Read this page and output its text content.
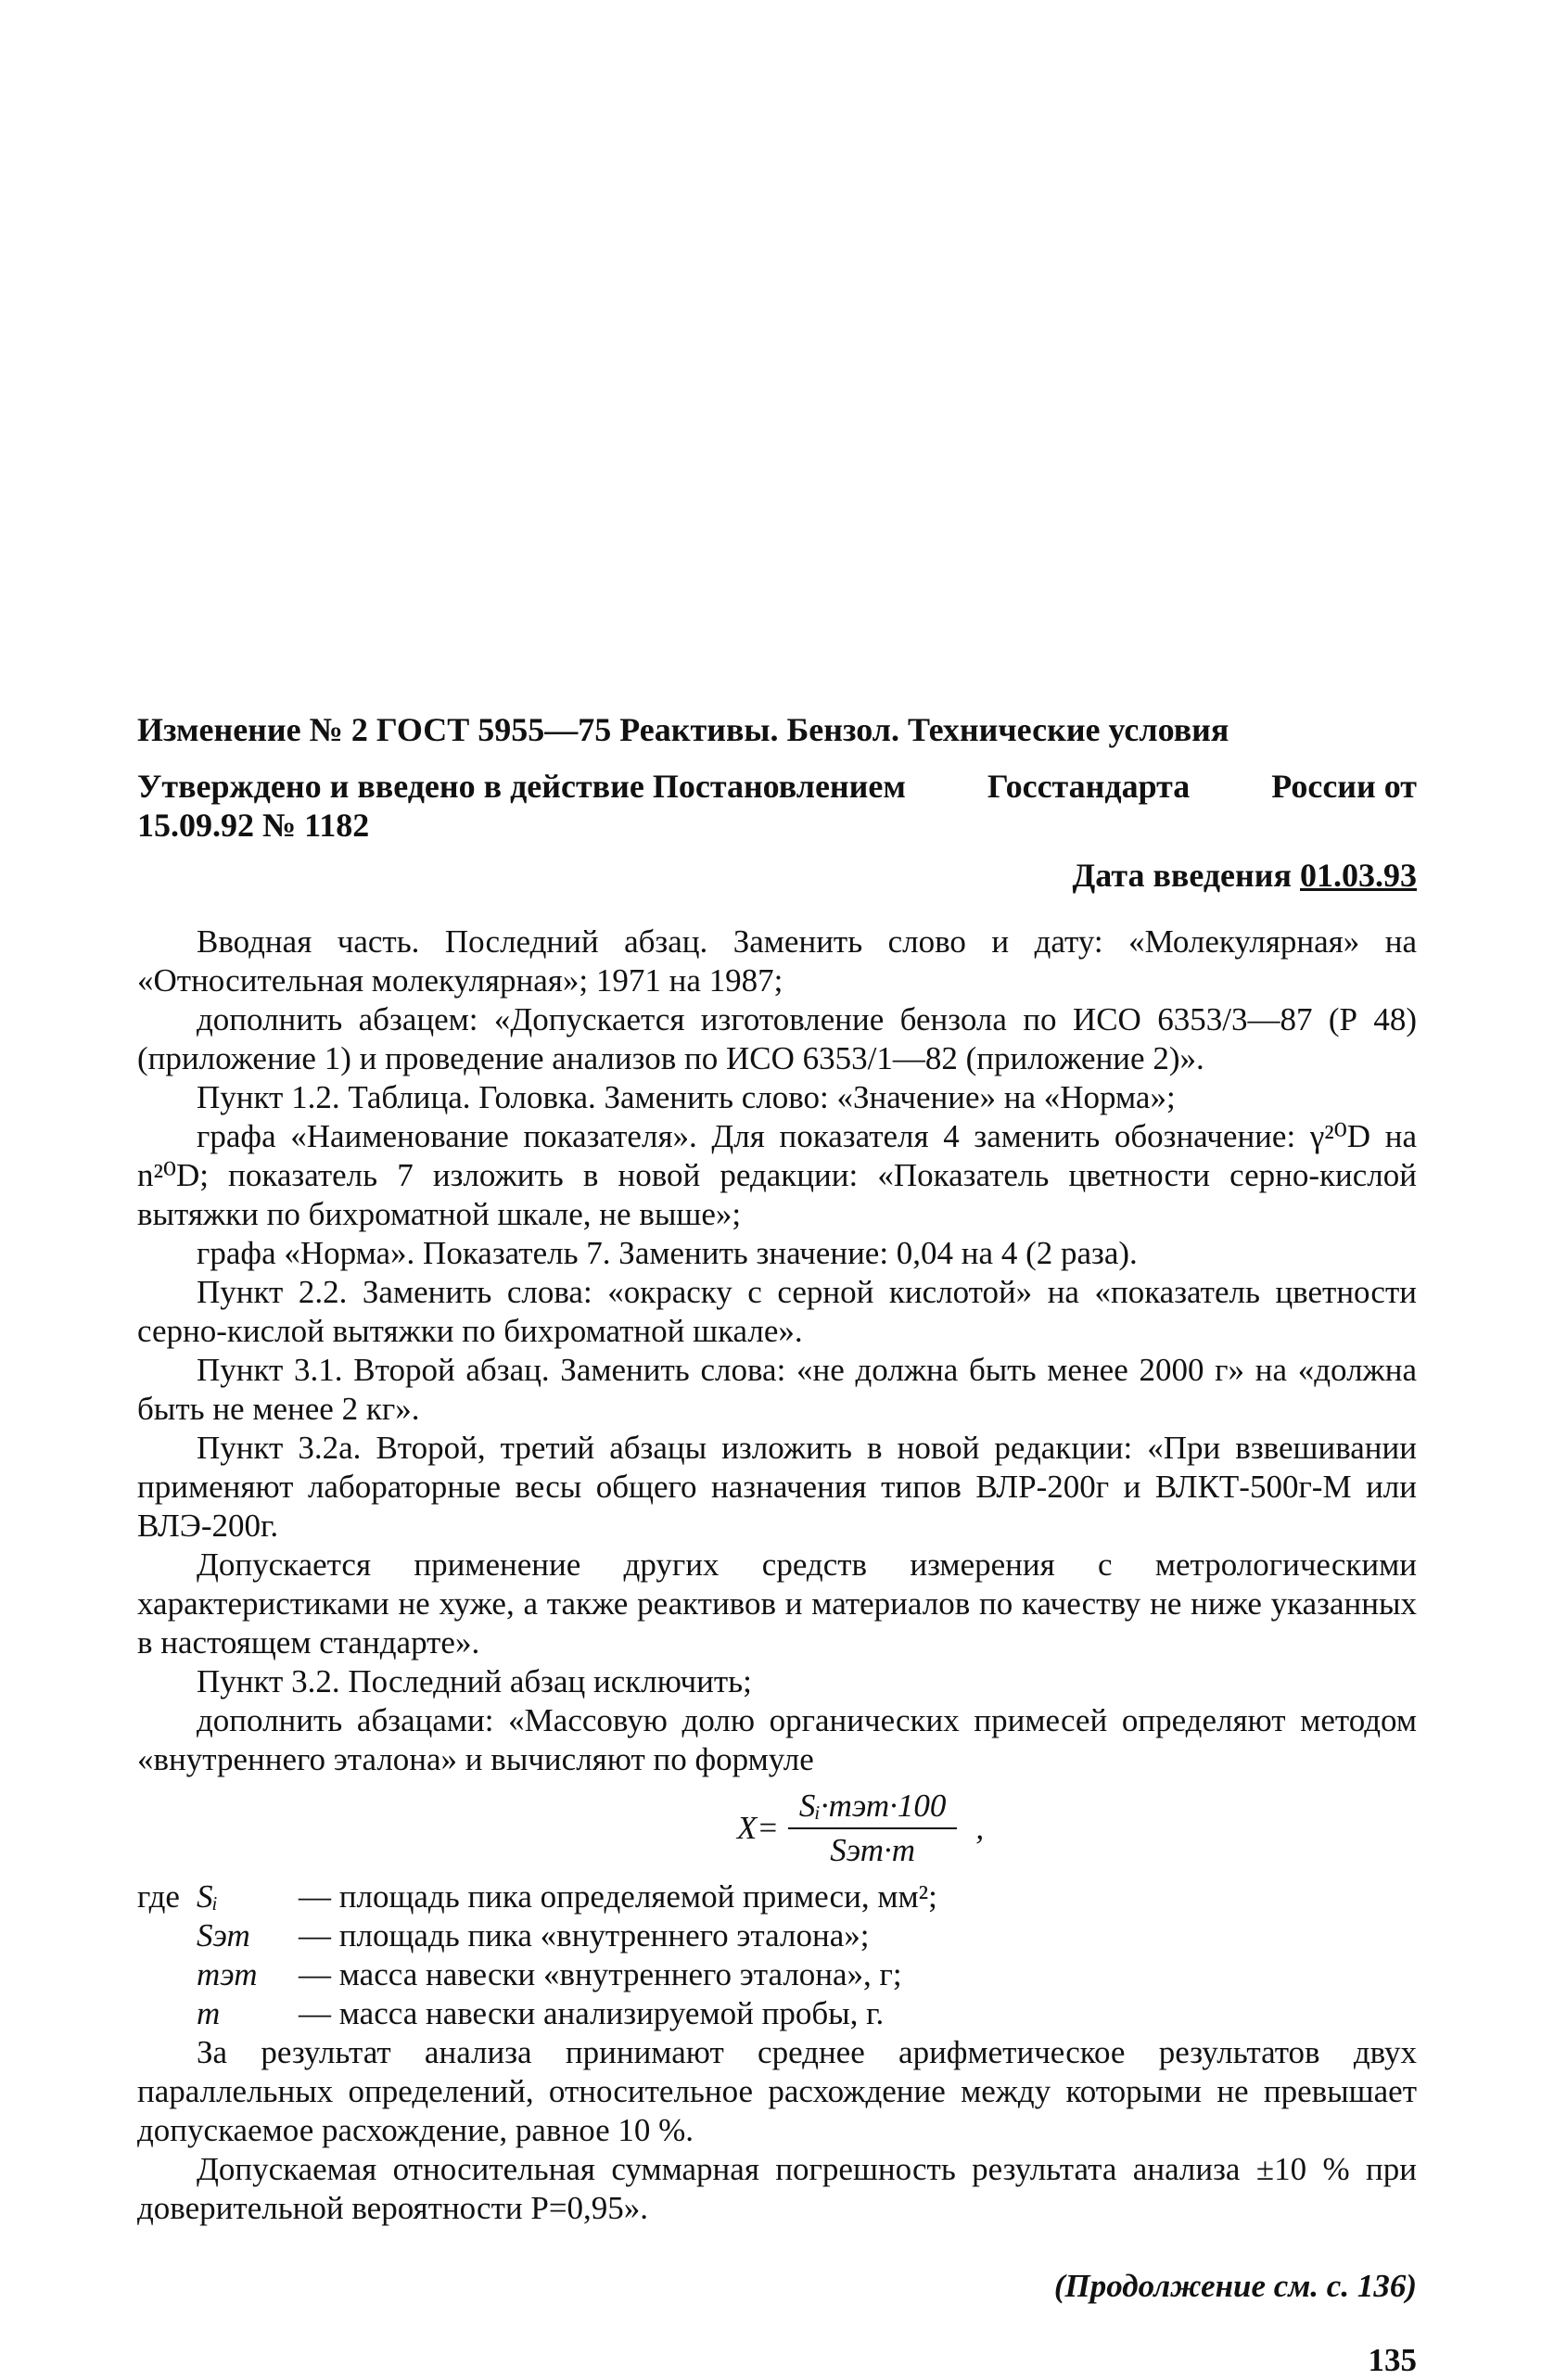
Изменение № 2 ГОСТ 5955—75 Реактивы. Бензол. Технические условия
Утверждено и введено в действие Постановлением Госстандарта России от
15.09.92 № 1182
Дата введения 01.03.93

Вводная часть. Последний абзац. Заменить слово и дату: «Молекулярная» на «Относительная молекулярная»; 1971 на 1987;

дополнить абзацем: «Допускается изготовление бензола по ИСО 6353/3—87 (Р 48) (приложение 1) и проведение анализов по ИСО 6353/1—82 (приложение 2)».

Пункт 1.2. Таблица. Головка. Заменить слово: «Значение» на «Норма»;

графа «Наименование показателя». Для показателя 4 заменить обозначение: γ²⁰D на n²⁰D; показатель 7 изложить в новой редакции: «Показатель цветности серно-кислой вытяжки по бихроматной шкале, не выше»;

графа «Норма». Показатель 7. Заменить значение: 0,04 на 4 (2 раза).

Пункт 2.2. Заменить слова: «окраску с серной кислотой» на «показатель цветности серно-кислой вытяжки по бихроматной шкале».

Пункт 3.1. Второй абзац. Заменить слова: «не должна быть менее 2000 г» на «должна быть не менее 2 кг».

Пункт 3.2а. Второй, третий абзацы изложить в новой редакции: «При взвешивании применяют лабораторные весы общего назначения типов ВЛР-200г и ВЛКТ-500г-М или ВЛЭ-200г.

Допускается применение других средств измерения с метрологическими характеристиками не хуже, а также реактивов и материалов по качеству не ниже указанных в настоящем стандарте».

Пункт 3.2. Последний абзац исключить;

дополнить абзацами: «Массовую долю органических примесей определяют методом «внутреннего эталона» и вычисляют по формуле

$X= \frac{\text{Sᵢ·mэт·100}}{\text{Sэт·m}}$ ,
где Sᵢ	— площадь пика определяемой примеси, мм²;
Sэт	— площадь пика «внутреннего эталона»;
mэт	— масса навески «внутреннего эталона», г;
m	— масса навески анализируемой пробы, г.

За результат анализа принимают среднее арифметическое результатов двух параллельных определений, относительное расхождение между которыми не превышает допускаемое расхождение, равное 10 %.

Допускаемая относительная суммарная погрешность результата анализа ±10 % при доверительной вероятности P=0,95».

(Продолжение см. с. 136)
135
